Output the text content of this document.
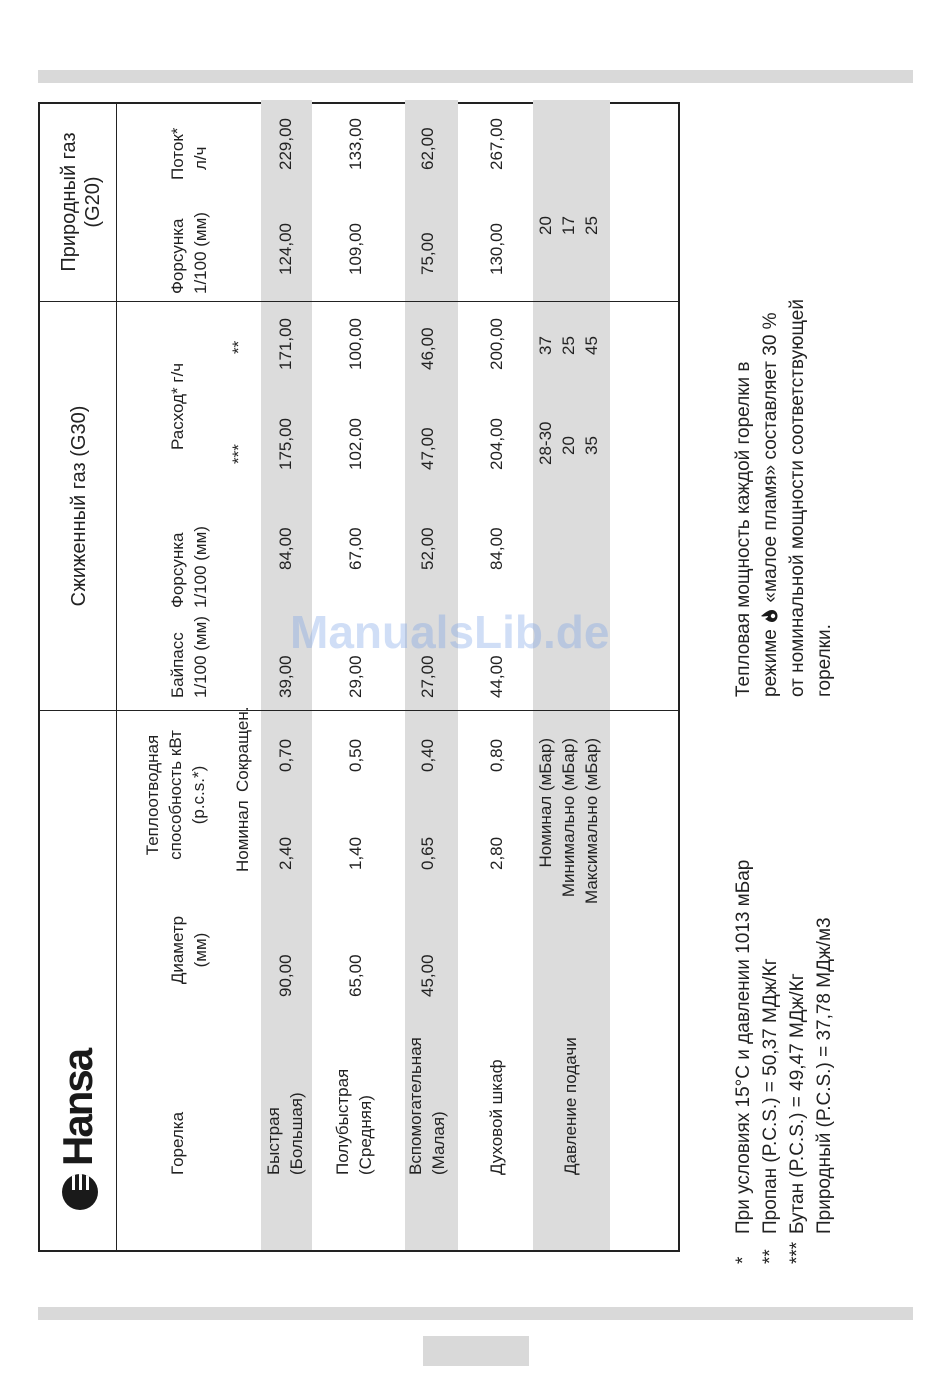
Hansa	Горелка
Диаметр (мм)
Теплоотводная способность кВт (p.c.s.*)
Номинал
Сокращен.
Сжиженный газ (G30)
Байпасс 1/100 (мм)
Форсунка 1/100 (мм)
Расход* г/ч
***
**
Природный газ (G20)
Форсунка 1/100 (мм)
Поток* л/ч
Быстрая (Большая)
90,00
2,40
0,70
39,00
84,00
175,00
171,00
124,00
229,00
Полубыстрая (Средняя)
65,00
1,40
0,50
29,00
67,00
102,00
100,00
109,00
133,00
Вспомогательная (Малая)
45,00
0,65
0,40
27,00
52,00
47,00
46,00
75,00
62,00
Духовой шкаф
2,80
0,80
44,00
84,00
204,00
200,00
130,00
267,00
Давление подачи
Номинал (мБар) Минимально (мБар) Максимально (мБар)
28-30 20 35
37 25 45
20 17 25
*При условиях 15°С и давлении 1013 мБар
**Пропан (P.C.S.) = 50,37 МДж/Кг
***Бутан (P.C.S.) = 49,47 МДж/Кг Природный (P.C.S.) = 37,78 МДж/м3
Тепловая мощность каждой горелки в режиме  «малое пламя» составляет 30 % от номинальной мощности соответствующей горелки.
ManualsLib.de
